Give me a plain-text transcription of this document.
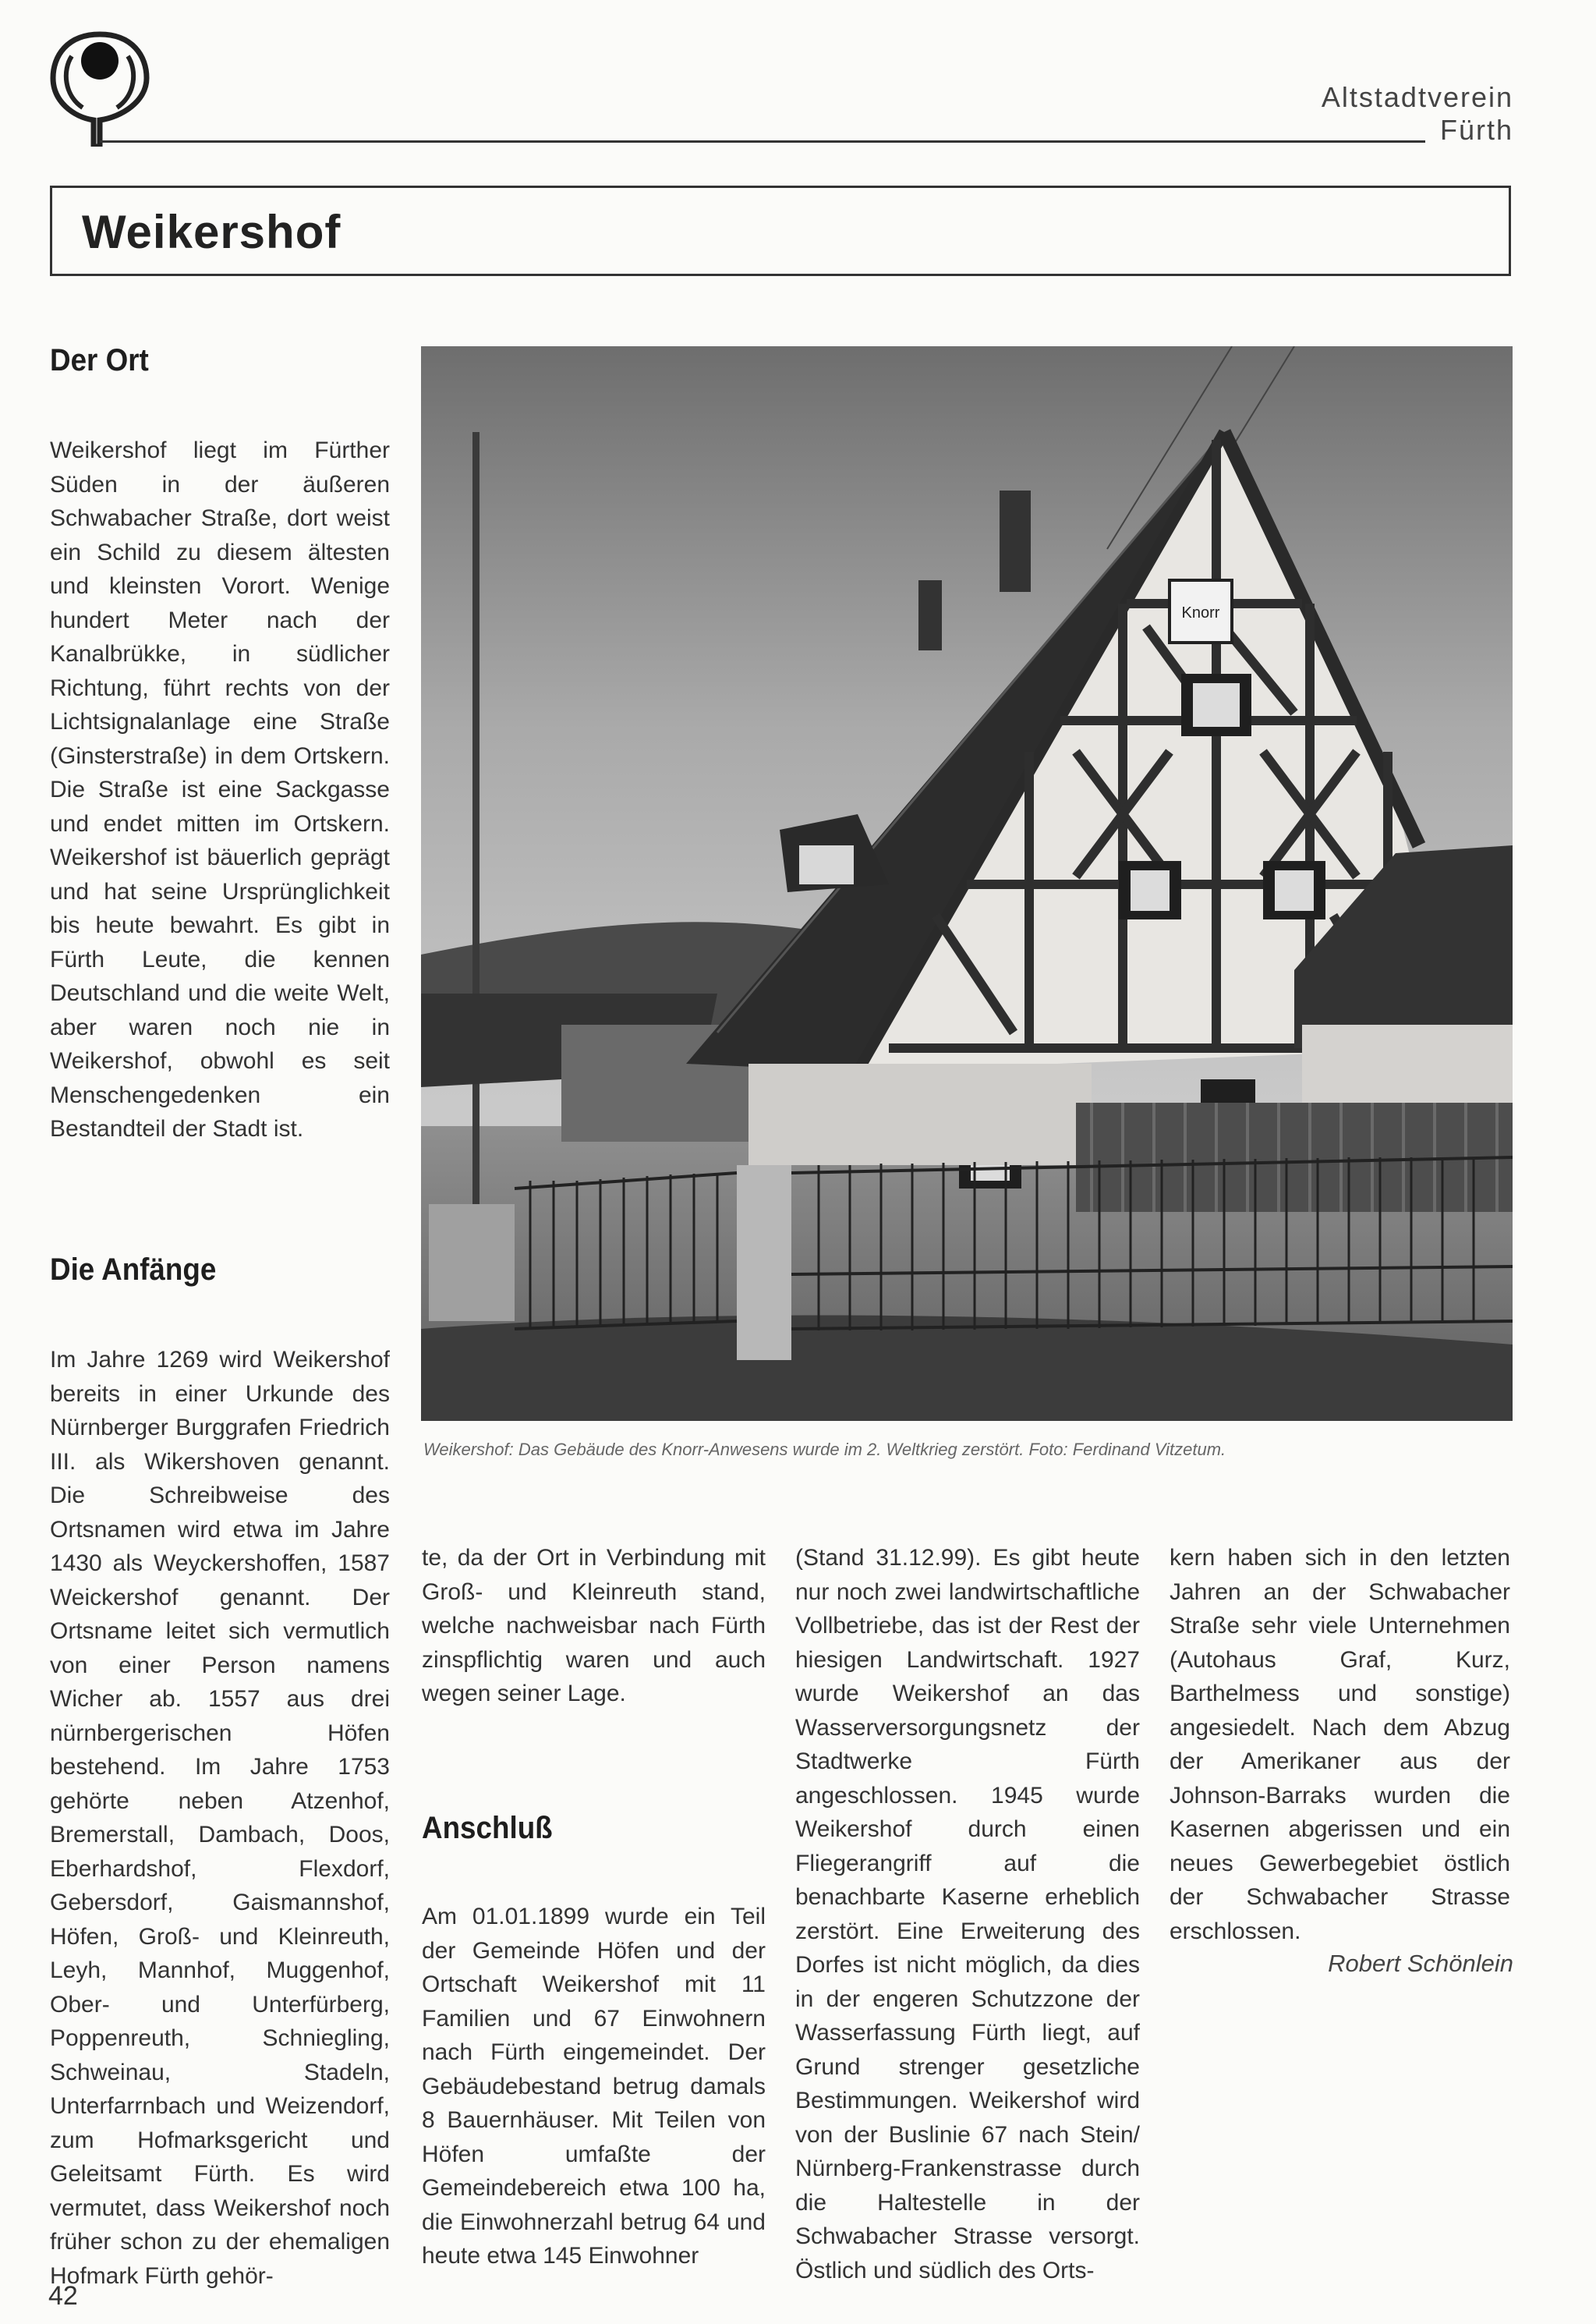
Altstadtverein
Fürth
Weikershof
Der Ort

Weikershof liegt im Fürther Süden in der äußeren Schwabacher Straße, dort weist ein Schild zu diesem ältesten und kleinsten Vorort. Wenige hundert Meter nach der Kanalbrükke, in südlicher Richtung, führt rechts von der Lichtsignalanlage eine Straße (Ginsterstraße) in dem Ortskern. Die Straße ist eine Sackgasse und endet mitten im Ortskern. Weikershof ist bäuerlich geprägt und hat seine Ursprünglichkeit bis heute bewahrt. Es gibt in Fürth Leute, die kennen Deutschland und die weite Welt, aber waren noch nie in Weikershof, obwohl es seit Menschengedenken ein Bestandteil der Stadt ist.

Die Anfänge

Im Jahre 1269 wird Weikershof bereits in einer Urkunde des Nürnberger Burggrafen Friedrich III. als Wikershoven genannt. Die Schreibweise des Ortsnamen wird etwa im Jahre 1430 als Weyckershoffen, 1587 Weickershof genannt. Der Ortsname leitet sich vermutlich von einer Person namens Wicher ab. 1557 aus drei nürnbergerischen Höfen bestehend. Im Jahre 1753 gehörte neben Atzenhof, Bremerstall, Dambach, Doos, Eberhardshof, Flexdorf, Gebersdorf, Gaismannshof, Höfen, Groß- und Kleinreuth, Leyh, Mannhof, Muggenhof, Ober- und Unterfürberg, Poppenreuth, Schniegling, Schweinau, Stadeln, Unterfarrnbach und Weizendorf, zum Hofmarksgericht und Geleitsamt Fürth. Es wird vermutet, dass Weikershof noch früher schon zu der ehemaligen Hofmark Fürth gehör-

Knorr
Weikershof: Das Gebäude des Knorr-Anwesens wurde im 2. Weltkrieg zerstört. Foto: Ferdinand Vitzetum.

te, da der Ort in Verbindung mit Groß- und Kleinreuth stand, welche nachweisbar nach Fürth zinspflichtig waren und auch wegen seiner Lage.

Anschluß

Am 01.01.1899 wurde ein Teil der Gemeinde Höfen und der Ortschaft Weikershof mit 11 Familien und 67 Einwohnern nach Fürth eingemeindet. Der Gebäudebestand betrug damals 8 Bauernhäuser. Mit Teilen von Höfen umfaßte der Gemeindebereich etwa 100 ha, die Einwohnerzahl betrug 64 und heute etwa 145 Einwohner

(Stand 31.12.99). Es gibt heute nur noch zwei landwirtschaftliche Vollbetriebe, das ist der Rest der hiesigen Landwirtschaft. 1927 wurde Weikershof an das Wasserversorgungsnetz der Stadtwerke Fürth angeschlossen. 1945 wurde Weikershof durch einen Fliegerangriff auf die benachbarte Kaserne erheblich zerstört. Eine Erweiterung des Dorfes ist nicht möglich, da dies in der engeren Schutzzone der Wasserfassung Fürth liegt, auf Grund strenger gesetzliche Bestimmungen. Weikershof wird von der Buslinie 67 nach Stein/ Nürnberg-Frankenstrasse durch die Haltestelle in der Schwabacher Strasse versorgt. Östlich und südlich des Orts-

kern haben sich in den letzten Jahren an der Schwabacher Straße sehr viele Unternehmen (Autohaus Graf, Kurz, Barthelmess und sonstige) angesiedelt. Nach dem Abzug der Amerikaner aus der Johnson-Barraks wurden die Kasernen abgerissen und ein neues Gewerbegebiet östlich der Schwabacher Strasse erschlossen.

Robert Schönlein
42
